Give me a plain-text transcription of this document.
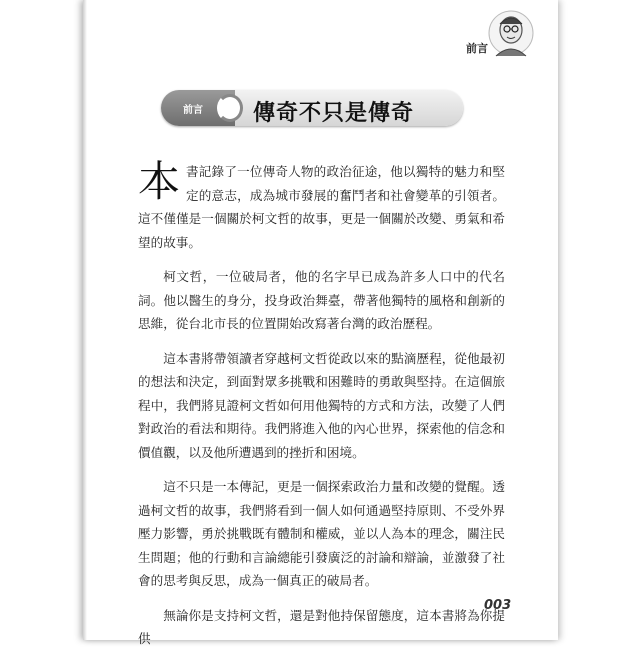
前言
前言 傳奇不只是傳奇

本書記錄了一位傳奇人物的政治征途，他以獨特的魅力和堅定的意志，成為城市發展的奮鬥者和社會變革的引領者。這不僅僅是一個關於柯文哲的故事，更是一個關於改變、勇氣和希望的故事。

柯文哲，一位破局者，他的名字早已成為許多人口中的代名詞。他以醫生的身分，投身政治舞臺，帶著他獨特的風格和創新的思維，從台北市長的位置開始改寫著台灣的政治歷程。

這本書將帶領讀者穿越柯文哲從政以來的點滴歷程，從他最初的想法和決定，到面對眾多挑戰和困難時的勇敢與堅持。在這個旅程中，我們將見證柯文哲如何用他獨特的方式和方法，改變了人們對政治的看法和期待。我們將進入他的內心世界，探索他的信念和價值觀，以及他所遭遇到的挫折和困境。

這不只是一本傳記，更是一個探索政治力量和改變的覺醒。透過柯文哲的故事，我們將看到一個人如何通過堅持原則、不受外界壓力影響，勇於挑戰既有體制和權威，並以人為本的理念，關注民生問題；他的行動和言論總能引發廣泛的討論和辯論，並激發了社會的思考與反思，成為一個真正的破局者。

無論你是支持柯文哲，還是對他持保留態度，這本書將為你提供

003
